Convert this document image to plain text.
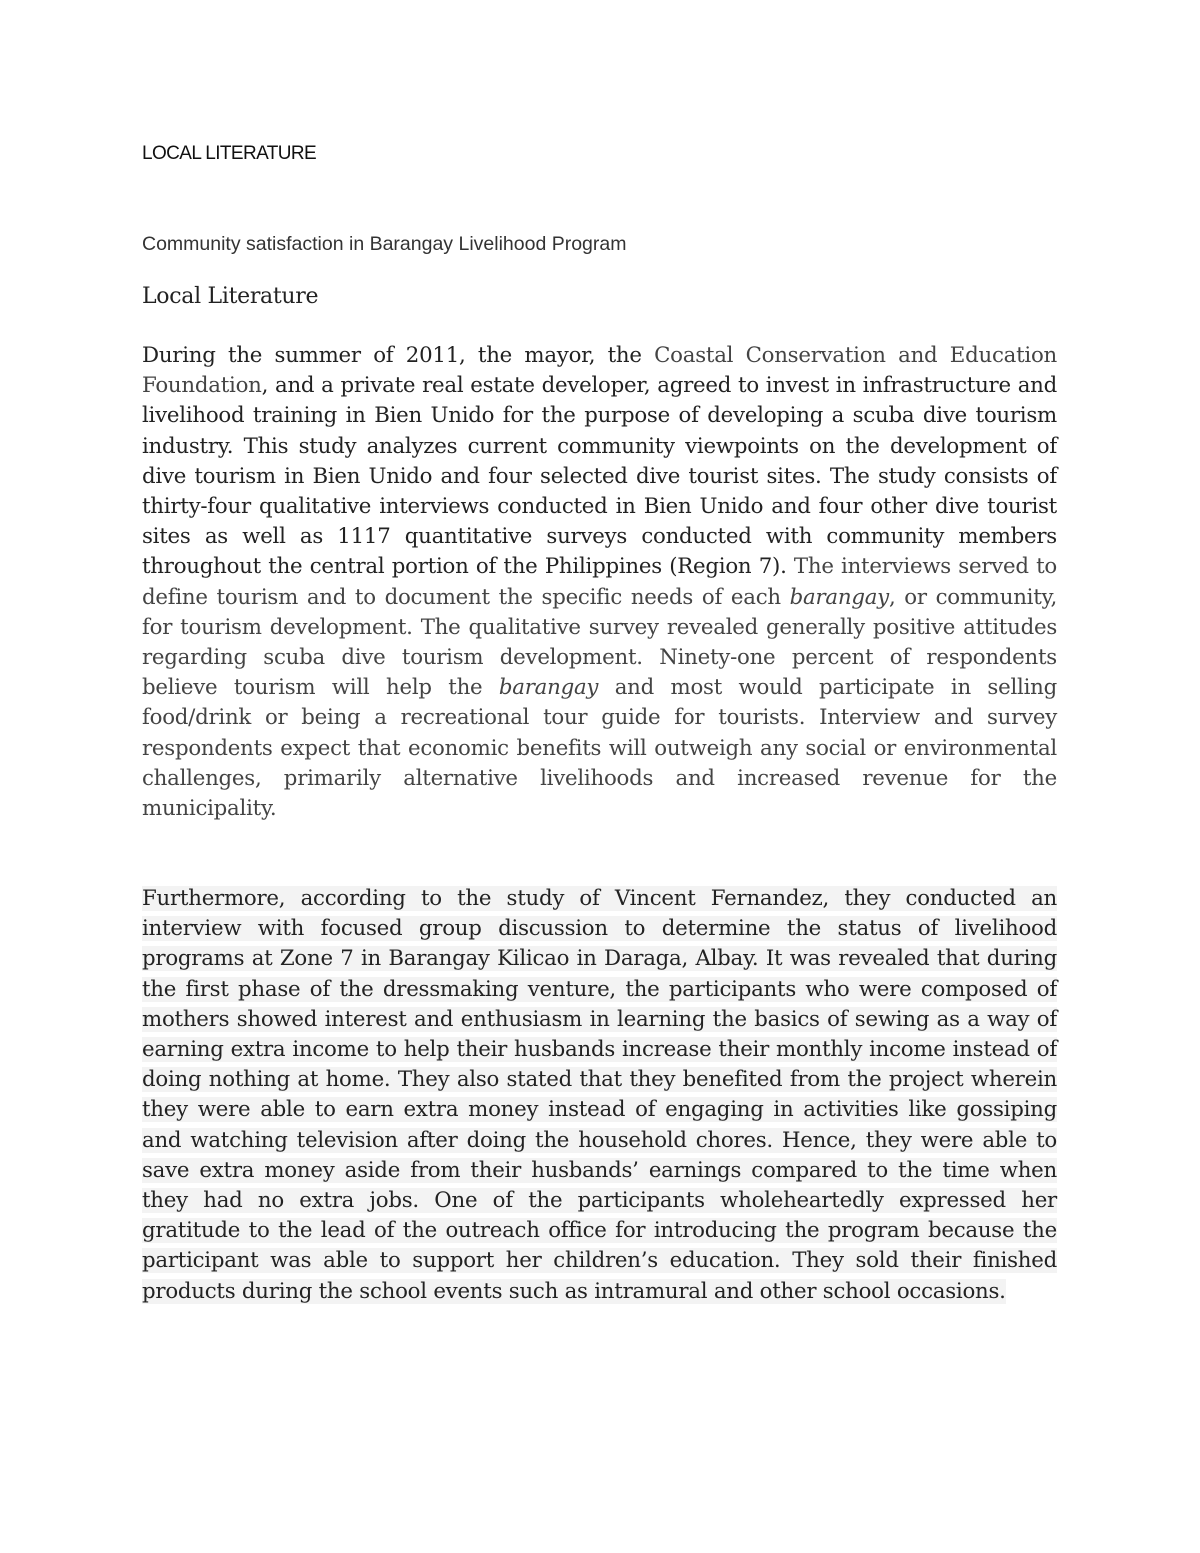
LOCAL LITERATURE

Community satisfaction in Barangay Livelihood Program

Local Literature

During the summer of 2011, the mayor, the Coastal Conservation and Education Foundation, and a private real estate developer, agreed to invest in infrastructure and livelihood training in Bien Unido for the purpose of developing a scuba dive tourism industry. This study analyzes current community viewpoints on the development of dive tourism in Bien Unido and four selected dive tourist sites. The study consists of thirty-four qualitative interviews conducted in Bien Unido and four other dive tourist sites as well as 1117 quantitative surveys conducted with community members throughout the central portion of the Philippines (Region 7). The interviews served to define tourism and to document the specific needs of each barangay, or community, for tourism development. The qualitative survey revealed generally positive attitudes regarding scuba dive tourism development. Ninety-one percent of respondents believe tourism will help the barangay and most would participate in selling food/drink or being a recreational tour guide for tourists. Interview and survey respondents expect that economic benefits will outweigh any social or environmental challenges, primarily alternative livelihoods and increased revenue for the municipality.

Furthermore, according to the study of Vincent Fernandez, they conducted an interview with focused group discussion to determine the status of livelihood programs at Zone 7 in Barangay Kilicao in Daraga, Albay. It was revealed that during the first phase of the dressmaking venture, the participants who were composed of mothers showed interest and enthusiasm in learning the basics of sewing as a way of earning extra income to help their husbands increase their monthly income instead of doing nothing at home. They also stated that they benefited from the project wherein they were able to earn extra money instead of engaging in activities like gossiping and watching television after doing the household chores. Hence, they were able to save extra money aside from their husbands’ earnings compared to the time when they had no extra jobs. One of the participants wholeheartedly expressed her gratitude to the lead of the outreach office for introducing the program because the participant was able to support her children’s education. They sold their finished products during the school events such as intramural and other school occasions.
